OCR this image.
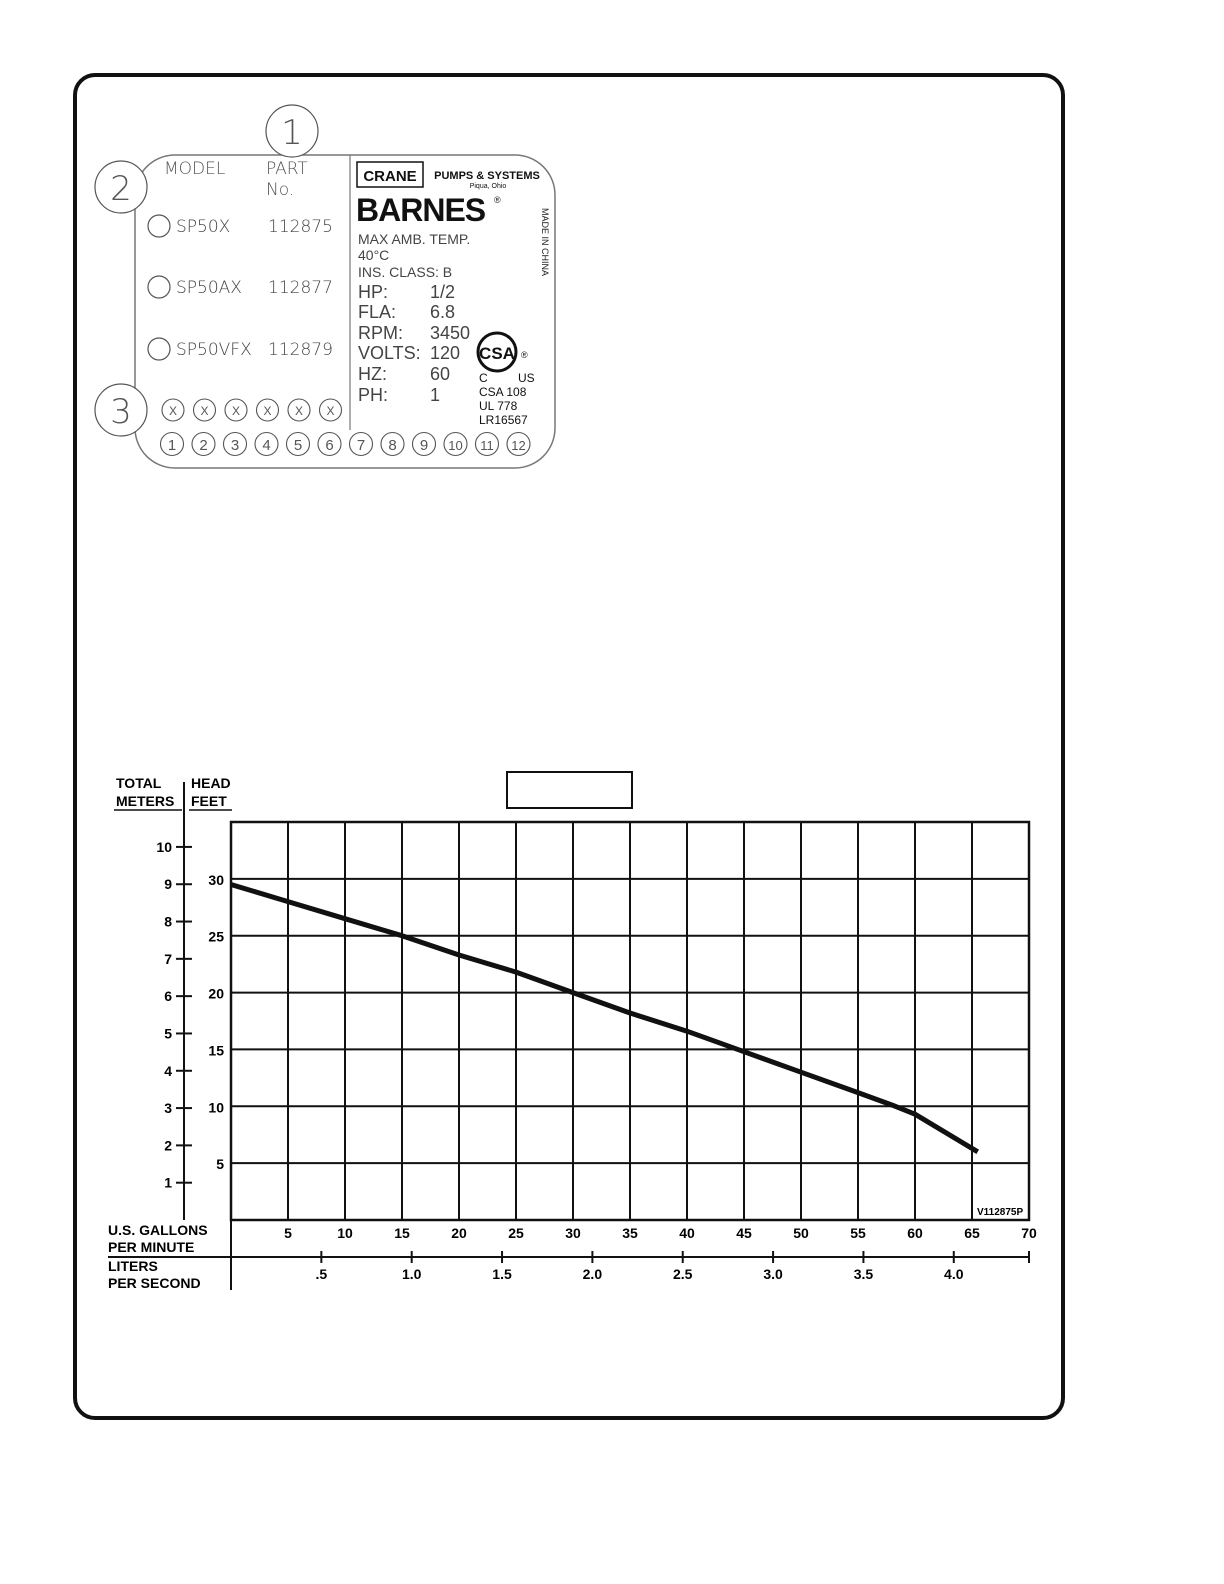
1
2
3
MODEL PART
No.
SP50X 112875
SP50AX 112877
SP50VFX 112879
X X X X X X
1 2 3 4 5 6 7 8 9 10 11 12
CRANE PUMPS & SYSTEMS
Piqua, Ohio
BARNES ®
MADE IN CHINA
MAX AMB. TEMP.
40°C
INS. CLASS: B
HP: 1/2
FLA: 6.8
RPM: 3450
VOLTS: 120
HZ: 60
PH: 1
CSA ®
C	US
CSA 108
UL 778
LR16567
TOTAL
METERS
HEAD
FEET
U.S. GALLONS
PER MINUTE
LITERS
PER SECOND
5
10
15
20
25
30
1
2
3
4
5
6
7
8
9
10
5	10	15	20	25	30	35	40	45	50	55	60	65	70
.5	1.0	1.5	2.0	2.5	3.0	3.5	4.0
V112875P
